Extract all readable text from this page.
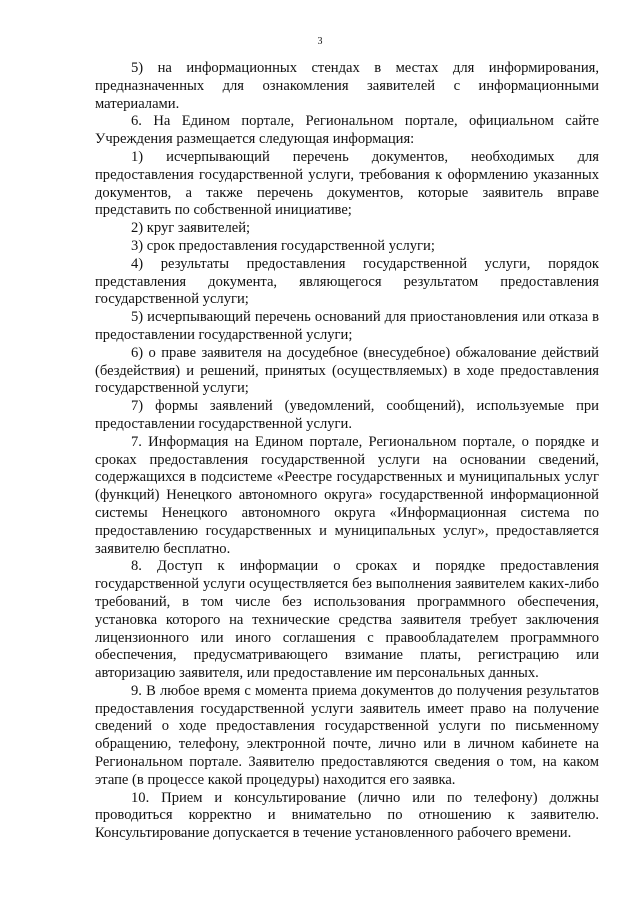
3

5) на информационных стендах в местах для информирования, предназначенных для ознакомления заявителей с информационными материалами.

6. На Едином портале, Региональном портале, официальном сайте Учреждения размещается следующая информация:

1) исчерпывающий перечень документов, необходимых для предоставления государственной услуги, требования к оформлению указанных документов, а также перечень документов, которые заявитель вправе представить по собственной инициативе;

2) круг заявителей;

3) срок предоставления государственной услуги;

4) результаты предоставления государственной услуги, порядок представления документа, являющегося результатом предоставления государственной услуги;

5) исчерпывающий перечень оснований для приостановления или отказа в предоставлении государственной услуги;

6) о праве заявителя на досудебное (внесудебное) обжалование действий (бездействия) и решений, принятых (осуществляемых) в ходе предоставления государственной услуги;

7) формы заявлений (уведомлений, сообщений), используемые при предоставлении государственной услуги.

7. Информация на Едином портале, Региональном портале, о порядке и сроках предоставления государственной услуги на основании сведений, содержащихся в подсистеме «Реестре государственных и муниципальных услуг (функций) Ненецкого автономного округа» государственной информационной системы Ненецкого автономного округа «Информационная система по предоставлению государственных и муниципальных услуг», предоставляется заявителю бесплатно.

8. Доступ к информации о сроках и порядке предоставления государственной услуги осуществляется без выполнения заявителем каких-либо требований, в том числе без использования программного обеспечения, установка которого на технические средства заявителя требует заключения лицензионного или иного соглашения с правообладателем программного обеспечения, предусматривающего взимание платы, регистрацию или авторизацию заявителя, или предоставление им персональных данных.

9. В любое время с момента приема документов до получения результатов предоставления государственной услуги заявитель имеет право на получение сведений о ходе предоставления государственной услуги по письменному обращению, телефону, электронной почте, лично или в личном кабинете на Региональном портале. Заявителю предоставляются сведения о том, на каком этапе (в процессе какой процедуры) находится его заявка.

10. Прием и консультирование (лично или по телефону) должны проводиться корректно и внимательно по отношению к заявителю. Консультирование допускается в течение установленного рабочего времени.
